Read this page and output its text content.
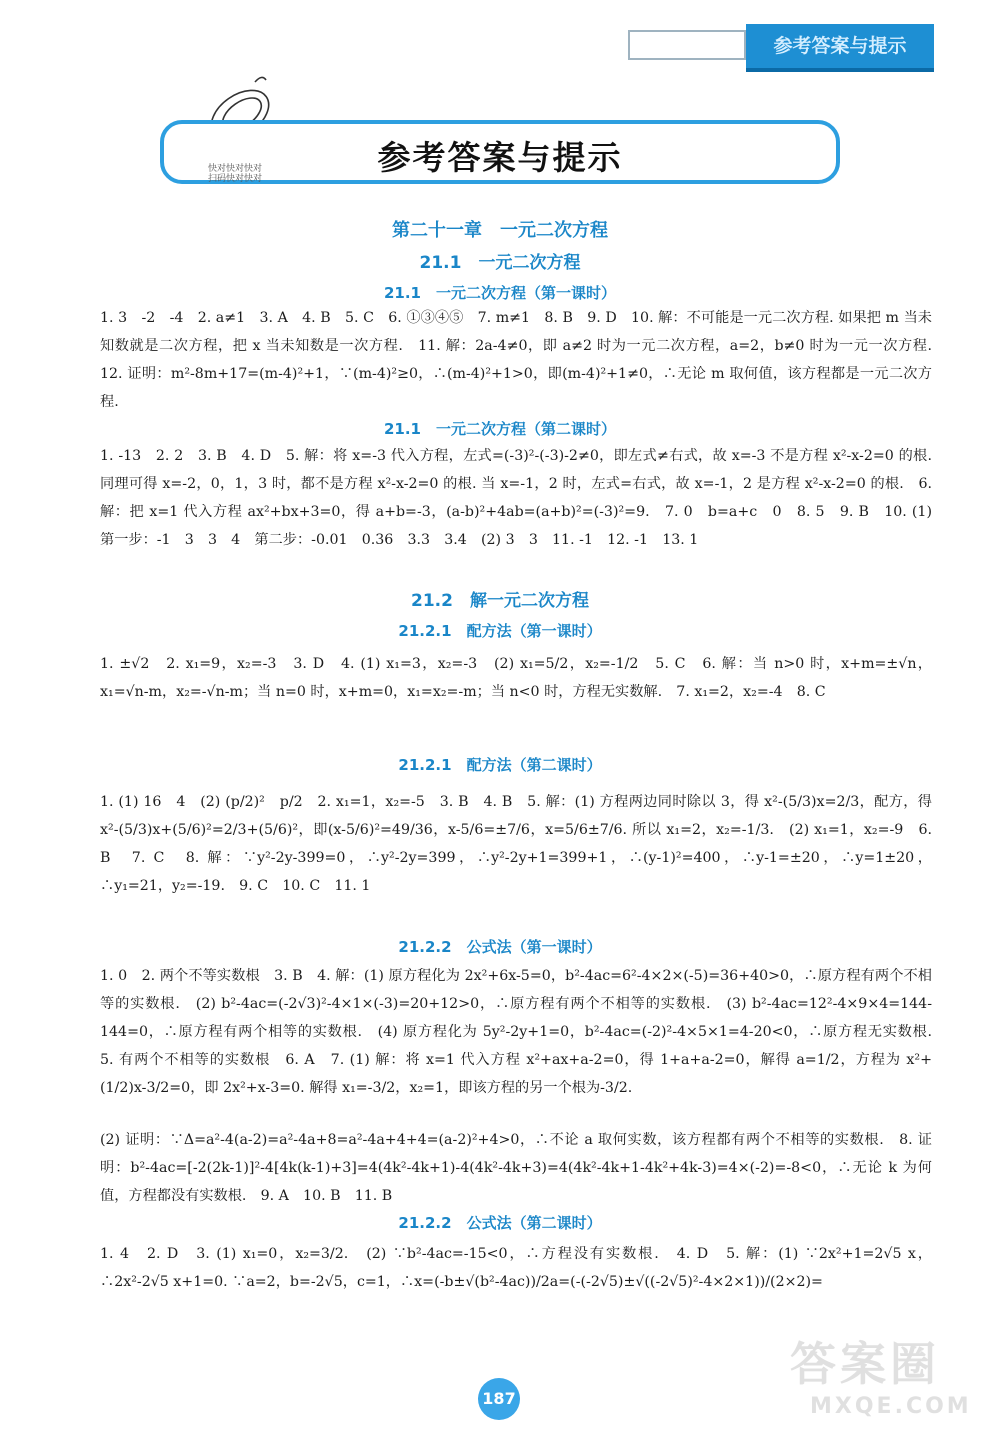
参考答案与提示
参考答案与提示
快对快对快对
扫码快对快对
第二十一章　一元二次方程
21.1　一元二次方程
21.1　一元二次方程（第一课时）
1. 3　-2　-4　2. a≠1　3. A　4. B　5. C　6. ①③④⑤　7. m≠1　8. B　9. D　10. 解：不可能是一元二次方程. 如果把 m 当未知数就是二次方程，把 x 当未知数是一次方程.　11. 解：2a-4≠0，即 a≠2 时为一元二次方程，a=2，b≠0 时为一元一次方程.　12. 证明：m²-8m+17=(m-4)²+1，∵(m-4)²≥0，∴(m-4)²+1>0，即(m-4)²+1≠0，∴无论 m 取何值，该方程都是一元二次方程.
21.1　一元二次方程（第二课时）
1. -13　2. 2　3. B　4. D　5. 解：将 x=-3 代入方程，左式=(-3)²-(-3)-2≠0，即左式≠右式，故 x=-3 不是方程 x²-x-2=0 的根. 同理可得 x=-2，0，1，3 时，都不是方程 x²-x-2=0 的根. 当 x=-1，2 时，左式=右式，故 x=-1，2 是方程 x²-x-2=0 的根.　6. 解：把 x=1 代入方程 ax²+bx+3=0，得 a+b=-3，(a-b)²+4ab=(a+b)²=(-3)²=9.　7. 0　b=a+c　0　8. 5　9. B　10. (1) 第一步：-1　3　3　4　第二步：-0.01　0.36　3.3　3.4　(2) 3　3　11. -1　12. -1　13. 1
21.2　解一元二次方程
21.2.1　配方法（第一课时）
1. ±√2　2. x₁=9，x₂=-3　3. D　4. (1) x₁=3，x₂=-3　(2) x₁=5/2，x₂=-1/2　5. C　6. 解：当 n>0 时，x+m=±√n，x₁=√n-m，x₂=-√n-m；当 n=0 时，x+m=0，x₁=x₂=-m；当 n<0 时，方程无实数解.　7. x₁=2，x₂=-4　8. C
21.2.1　配方法（第二课时）
1. (1) 16　4　(2) (p/2)²　p/2　2. x₁=1，x₂=-5　3. B　4. B　5. 解：(1) 方程两边同时除以 3，得 x²-(5/3)x=2/3，配方，得 x²-(5/3)x+(5/6)²=2/3+(5/6)²，即(x-5/6)²=49/36，x-5/6=±7/6，x=5/6±7/6. 所以 x₁=2，x₂=-1/3.　(2) x₁=1，x₂=-9　6. B　7. C　8. 解：∵y²-2y-399=0，∴y²-2y=399，∴y²-2y+1=399+1，∴(y-1)²=400，∴y-1=±20，∴y=1±20，∴y₁=21，y₂=-19.　9. C　10. C　11. 1
21.2.2　公式法（第一课时）
1. 0　2. 两个不等实数根　3. B　4. 解：(1) 原方程化为 2x²+6x-5=0，b²-4ac=6²-4×2×(-5)=36+40>0，∴原方程有两个不相等的实数根.　(2) b²-4ac=(-2√3)²-4×1×(-3)=20+12>0，∴原方程有两个不相等的实数根.　(3) b²-4ac=12²-4×9×4=144-144=0，∴原方程有两个相等的实数根.　(4) 原方程化为 5y²-2y+1=0，b²-4ac=(-2)²-4×5×1=4-20<0，∴原方程无实数根.　5. 有两个不相等的实数根　6. A　7. (1) 解：将 x=1 代入方程 x²+ax+a-2=0，得 1+a+a-2=0，解得 a=1/2，方程为 x²+(1/2)x-3/2=0，即 2x²+x-3=0. 解得 x₁=-3/2，x₂=1，即该方程的另一个根为-3/2.
(2) 证明：∵Δ=a²-4(a-2)=a²-4a+8=a²-4a+4+4=(a-2)²+4>0，∴不论 a 取何实数，该方程都有两个不相等的实数根.　8. 证明：b²-4ac=[-2(2k-1)]²-4[4k(k-1)+3]=4(4k²-4k+1)-4(4k²-4k+3)=4(4k²-4k+1-4k²+4k-3)=4×(-2)=-8<0，∴无论 k 为何值，方程都没有实数根.　9. A　10. B　11. B
21.2.2　公式法（第二课时）
1. 4　2. D　3. (1) x₁=0，x₂=3/2.　(2) ∵b²-4ac=-15<0，∴方程没有实数根.　4. D　5. 解：(1) ∵2x²+1=2√5 x，∴2x²-2√5 x+1=0. ∵a=2，b=-2√5，c=1，∴x=(-b±√(b²-4ac))/2a=(-(-2√5)±√((-2√5)²-4×2×1))/(2×2)=
187
答案圈
MXQE.COM
